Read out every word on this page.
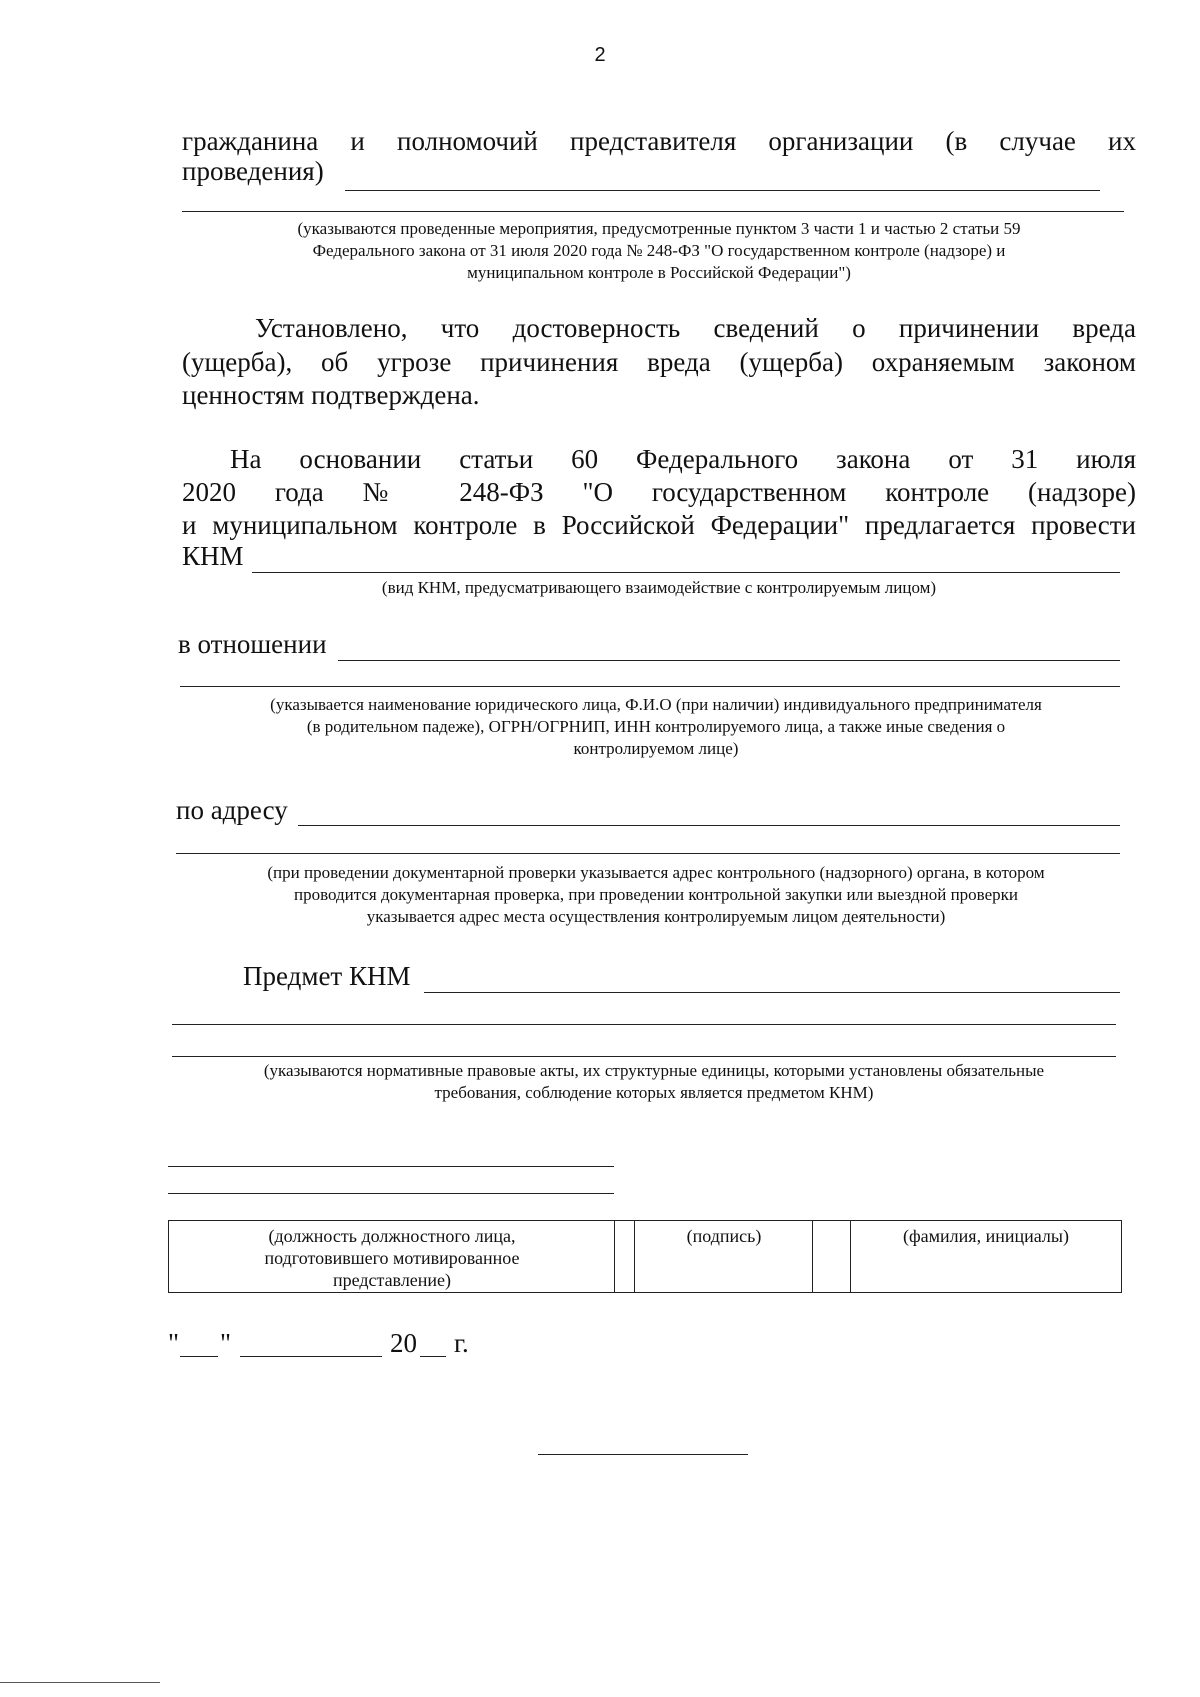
2
гражданина и полномочий представителя организации (в случае их
проведения)
(указываются проведенные мероприятия, предусмотренные пунктом 3 части 1 и частью 2 статьи 59
Федерального закона от 31 июля 2020 года № 248-ФЗ "О государственном контроле (надзоре) и
муниципальном контроле в Российской Федерации")
Установлено, что достоверность сведений о причинении вреда
(ущерба), об угрозе причинения вреда (ущерба) охраняемым законом
ценностям подтверждена.
На основании статьи 60 Федерального закона от 31 июля
2020 года № 248-ФЗ "О государственном контроле (надзоре)
и муниципальном контроле в Российской Федерации" предлагается провести
КНМ
(вид КНМ, предусматривающего взаимодействие с контролируемым лицом)
в отношении
(указывается наименование юридического лица, Ф.И.О (при наличии) индивидуального предпринимателя
(в родительном падеже), ОГРН/ОГРНИП, ИНН контролируемого лица, а также иные сведения о
контролируемом лице)
по адресу
(при проведении документарной проверки указывается адрес контрольного (надзорного) органа, в котором
проводится документарная проверка, при проведении контрольной закупки или выездной проверки
указывается адрес места осуществления контролируемым лицом деятельности)
Предмет КНМ
(указываются нормативные правовые акты, их структурные единицы, которыми установлены обязательные
требования, соблюдение которых является предметом КНМ)
(должность должностного лица,
подготовившего мотивированное
представление)
(подпись)	(фамилия, инициалы)
" "	20 г.
